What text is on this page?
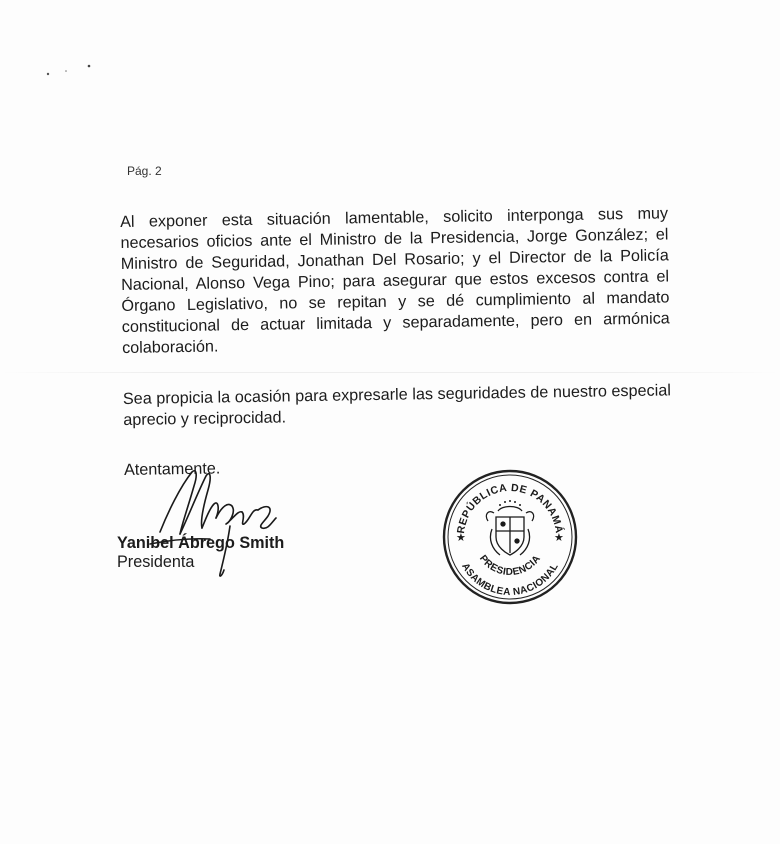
Pág. 2

Al exponer esta situación lamentable, solicito interponga sus muy necesarios oficios ante el Ministro de la Presidencia, Jorge González; el Ministro de Seguridad, Jonathan Del Rosario; y el Director de la Policía Nacional, Alonso Vega Pino; para asegurar que estos excesos contra el Órgano Legislativo, no se repitan y se dé cumplimiento al mandato constitucional de actuar limitada y separadamente, pero en armónica colaboración.

Sea propicia la ocasión para expresarle las seguridades de nuestro especial aprecio y reciprocidad.

Atentamente.

Yanibel Ábrego Smith
Presidenta
REPÚBLICA DE PANAMÁ
ASAMBLEA NACIONAL
PRESIDENCIA
★	★
